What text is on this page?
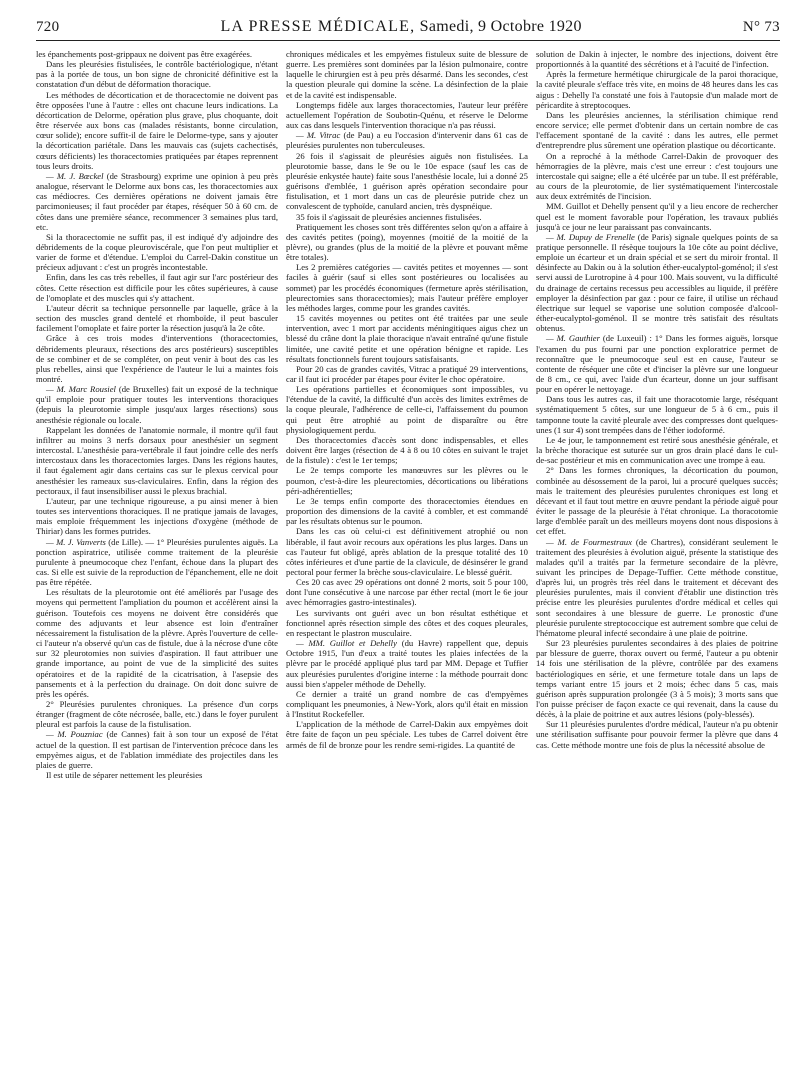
720	LA PRESSE MÉDICALE, Samedi, 9 Octobre 1920	N° 73

les épanchements post-grippaux ne doivent pas être exagérées.

Dans les pleurésies fistulisées, le contrôle bactériologique, n'étant pas à la portée de tous, un bon signe de chronicité définitive est la constatation d'un début de déformation thoracique.

Les méthodes de décortication et de thoracectomie ne doivent pas être opposées l'une à l'autre : elles ont chacune leurs indications. La décortication de Delorme, opération plus grave, plus choquante, doit être réservée aux bons cas (malades résistants, bonne circulation, cœur solide); encore suffit-il de faire le Delorme-type, sans y ajouter la décortication pariétale. Dans les mauvais cas (sujets cachectisés, cœurs déficients) les thoracectomies pratiquées par étapes reprennent tous leurs droits.

— M. J. Bœckel (de Strasbourg) exprime une opinion à peu près analogue, réservant le Delorme aux bons cas, les thoracectomies aux cas médiocres. Ces dernières opérations ne doivent jamais être parcimonieuses; il faut procéder par étapes, réséquer 50 à 60 cm. de côtes dans une première séance, recommencer 3 semaines plus tard, etc.

Si la thoracectomie ne suffit pas, il est indiqué d'y adjoindre des débridements de la coque pleuroviscérale, que l'on peut multiplier et varier de forme et d'étendue. L'emploi du Carrel-Dakin constitue un précieux adjuvant : c'est un progrès incontestable.

Enfin, dans les cas très rebelles, il faut agir sur l'arc postérieur des côtes. Cette résection est difficile pour les côtes supérieures, à cause de l'omoplate et des muscles qui s'y attachent.

L'auteur décrit sa technique personnelle par laquelle, grâce à la section des muscles grand dentelé et rhomboïde, il peut basculer facilement l'omoplate et faire porter la résection jusqu'à la 2e côte.

Grâce à ces trois modes d'interventions (thoracectomies, débridements pleuraux, résections des arcs postérieurs) susceptibles de se combiner et de se compléter, on peut venir à bout des cas les plus rebelles, ainsi que l'expérience de l'auteur le lui a maintes fois montré.

— M. Marc Rousiel (de Bruxelles) fait un exposé de la technique qu'il emploie pour pratiquer toutes les interventions thoraciques (depuis la pleurotomie simple jusqu'aux larges résections) sous anesthésie régionale ou locale.

Rappelant les données de l'anatomie normale, il montre qu'il faut infiltrer au moins 3 nerfs dorsaux pour anesthésier un segment intercostal. L'anesthésie para-vertébrale il faut joindre celle des nerfs intercostaux dans les thoracectomies larges. Dans les régions hautes, il faut également agir dans certains cas sur le plexus cervical pour anesthésier les rameaux sus-claviculaires. Enfin, dans la région des pectoraux, il faut insensibiliser aussi le plexus brachial.

L'auteur, par une technique rigoureuse, a pu ainsi mener à bien toutes ses interventions thoraciques. Il ne pratique jamais de lavages, mais emploie fréquemment les injections d'oxygène (méthode de Thiriar) dans les formes putrides.

— M. J. Vanverts (de Lille). — 1° Pleurésies purulentes aiguës. La ponction aspiratrice, utilisée comme traitement de la pleurésie purulente à pneumocoque chez l'enfant, échoue dans la plupart des cas. Si elle est suivie de la reproduction de l'épanchement, elle ne doit pas être répétée.

Les résultats de la pleurotomie ont été améliorés par l'usage des moyens qui permettent l'ampliation du poumon et accélèrent ainsi la guérison. Toutefois ces moyens ne doivent être considérés que comme des adjuvants et leur absence est loin d'entraîner nécessairement la fistulisation de la plèvre. Après l'ouverture de celle-ci l'auteur n'a observé qu'un cas de fistule, due à la nécrose d'une côte sur 32 pleurotomies non suivies d'aspiration. Il faut attribuer une grande importance, au point de vue de la simplicité des suites opératoires et de la rapidité de la cicatrisation, à l'asepsie des pansements et à la perfection du drainage. On doit donc suivre de près les opérés.

2° Pleurésies purulentes chroniques. La présence d'un corps étranger (fragment de côte nécrosée, balle, etc.) dans le foyer purulent pleural est parfois la cause de la fistulisation.

— M. Pouzniac (de Cannes) fait à son tour un exposé de l'état actuel de la question. Il est partisan de l'intervention précoce dans les empyèmes aigus, et de l'ablation immédiate des projectiles dans les plaies de guerre.

Il est utile de séparer nettement les pleurésies

chroniques médicales et les empyèmes fistuleux suite de blessure de guerre. Les premières sont dominées par la lésion pulmonaire, contre laquelle le chirurgien est à peu près désarmé. Dans les secondes, c'est la question pleurale qui domine la scène. La désinfection de la plaie et de la cavité est indispensable.

Longtemps fidèle aux larges thoracectomies, l'auteur leur préfère actuellement l'opération de Soubotin-Quénu, et réserve le Delorme aux cas dans lesquels l'intervention thoracique n'a pas réussi.

— M. Vitrac (de Pau) a eu l'occasion d'intervenir dans 61 cas de pleurésies purulentes non tuberculeuses.

26 fois il s'agissait de pleurésies aiguës non fistulisées. La pleurotomie basse, dans le 9e ou le 10e espace (sauf les cas de pleurésie enkystée haute) faite sous l'anesthésie locale, lui a donné 25 guérisons d'emblée, 1 guérison après opération secondaire pour fistulisation, et 1 mort dans un cas de pleurésie putride chez un convalescent de typhoïde, canulard ancien, très dyspnéique.

35 fois il s'agissait de pleurésies anciennes fistulisées.

Pratiquement les choses sont très différentes selon qu'on a affaire à des cavités petites (poing), moyennes (moitié de la moitié de la plèvre), ou grandes (plus de la moitié de la plèvre et pouvant même être totales).

Les 2 premières catégories — cavités petites et moyennes — sont faciles à guérir (sauf si elles sont postérieures ou localisées au sommet) par les procédés économiques (fermeture après stérilisation, pleurectomies sans thoracectomies); mais l'auteur préfère employer les méthodes larges, comme pour les grandes cavités.

15 cavités moyennes ou petites ont été traitées par une seule intervention, avec 1 mort par accidents méningitiques aigus chez un blessé du crâne dont la plaie thoracique n'avait entraîné qu'une fistule limitée, une cavité petite et une opération bénigne et rapide. Les résultats fonctionnels furent toujours satisfaisants.

Pour 20 cas de grandes cavités, Vitrac a pratiqué 29 interventions, car il faut ici procéder par étapes pour éviter le choc opératoire.

Les opérations partielles et économiques sont impossibles, vu l'étendue de la cavité, la difficulté d'un accès des limites extrêmes de la coque pleurale, l'adhérence de celle-ci, l'affaissement du poumon qui peut être atrophié au point de disparaître ou être physiologiquement perdu.

Des thoracectomies d'accès sont donc indispensables, et elles doivent être larges (résection de 4 à 8 ou 10 côtes en suivant le trajet de la fistule) : c'est le 1er temps;

Le 2e temps comporte les manœuvres sur les plèvres ou le poumon, c'est-à-dire les pleurectomies, décortications ou libérations péri-adhérentielles;

Le 3e temps enfin comporte des thoracectomies étendues en proportion des dimensions de la cavité à combler, et est commandé par les résultats obtenus sur le poumon.

Dans les cas où celui-ci est définitivement atrophié ou non libérable, il faut avoir recours aux opérations les plus larges. Dans un cas l'auteur fut obligé, après ablation de la presque totalité des 10 côtes inférieures et d'une partie de la clavicule, de désinsérer le grand pectoral pour fermer la brèche sous-claviculaire. Le blessé guérit.

Ces 20 cas avec 29 opérations ont donné 2 morts, soit 5 pour 100, dont l'une consécutive à une narcose par éther rectal (mort le 6e jour avec hémorragies gastro-intestinales).

Les survivants ont guéri avec un bon résultat esthétique et fonctionnel après résection simple des côtes et des coques pleurales, en respectant le plastron musculaire.

— MM. Guillot et Dehelly (du Havre) rappellent que, depuis Octobre 1915, l'un d'eux a traité toutes les plaies infectées de la plèvre par le procédé appliqué plus tard par MM. Depage et Tuffier aux pleurésies purulentes d'origine interne : la méthode pourrait donc aussi bien s'appeler méthode de Dehelly.

Ce dernier a traité un grand nombre de cas d'empyèmes compliquant les pneumonies, à New-York, alors qu'il était en mission à l'Institut Rockefeller.

L'application de la méthode de Carrel-Dakin aux empyèmes doit être faite de façon un peu spéciale. Les tubes de Carrel doivent être armés de fil de bronze pour les rendre semi-rigides. La quantité de

solution de Dakin à injecter, le nombre des injections, doivent être proportionnés à la quantité des sécrétions et à l'acuité de l'infection.

Après la fermeture hermétique chirurgicale de la paroi thoracique, la cavité pleurale s'efface très vite, en moins de 48 heures dans les cas aigus : Dehelly l'a constaté une fois à l'autopsie d'un malade mort de péricardite à streptocoques.

Dans les pleurésies anciennes, la stérilisation chimique rend encore service; elle permet d'obtenir dans un certain nombre de cas l'effacement spontané de la cavité : dans les autres, elle permet d'entreprendre plus sûrement une opération plastique ou décorticante.

On a reproché à la méthode Carrel-Dakin de provoquer des hémorragies de la plèvre, mais c'est une erreur : c'est toujours une intercostale qui saigne; elle a été ulcérée par un tube. Il est préférable, au cours de la pleurotomie, de lier systématiquement l'intercostale aux deux extrémités de l'incision.

MM. Guillot et Dehelly pensent qu'il y a lieu encore de rechercher quel est le moment favorable pour l'opération, les travaux publiés jusqu'à ce jour ne leur paraissant pas convaincants.

— M. Dupuy de Frenelle (de Paris) signale quelques points de sa pratique personnelle. Il résèque toujours la 10e côte au point déclive, emploie un écarteur et un drain spécial et se sert du miroir frontal. Il désinfecte au Dakin ou à la solution éther-eucalyptol-goménol; il s'est servi aussi de Lurotropine à 4 pour 100. Mais souvent, vu la difficulté du drainage de certains recessus peu accessibles au liquide, il préfère employer la désinfection par gaz : pour ce faire, il utilise un réchaud électrique sur lequel se vaporise une solution composée d'alcool-éther-eucalyptol-goménol. Il se montre très satisfait des résultats obtenus.

— M. Gauthier (de Luxeuil) : 1° Dans les formes aiguës, lorsque l'examen du pus fourni par une ponction exploratrice permet de reconnaître que le pneumocoque seul est en cause, l'auteur se contente de réséquer une côte et d'inciser la plèvre sur une longueur de 8 cm., ce qui, avec l'aide d'un écarteur, donne un jour suffisant pour en opérer le nettoyage.

Dans tous les autres cas, il fait une thoracotomie large, réséquant systématiquement 5 côtes, sur une longueur de 5 à 6 cm., puis il tamponne toute la cavité pleurale avec des compresses dont quelques-unes (1 sur 4) sont trempées dans de l'éther iodoformé.

Le 4e jour, le tamponnement est retiré sous anesthésie générale, et la brèche thoracique est suturée sur un gros drain placé dans le cul-de-sac postérieur et mis en communication avec une trompe à eau.

2° Dans les formes chroniques, la décortication du poumon, combinée au désossement de la paroi, lui a procuré quelques succès; mais le traitement des pleurésies purulentes chroniques est long et décevant et il faut tout mettre en œuvre pendant la période aiguë pour éviter le passage de la pleurésie à l'état chronique. La thoracotomie large d'emblée paraît un des meilleurs moyens dont nous disposions à cet effet.

— M. de Fourmestraux (de Chartres), considérant seulement le traitement des pleurésies à évolution aiguë, présente la statistique des malades qu'il a traités par la fermeture secondaire de la plèvre, suivant les principes de Depage-Tuffier. Cette méthode constitue, d'après lui, un progrès très réel dans le traitement et décevant des pleurésies purulentes, mais il convient d'établir une distinction très précise entre les pleurésies purulentes d'ordre médical et celles qui sont secondaires à une blessure de guerre. Le pronostic d'une pleurésie purulente streptococcique est autrement sombre que celui de l'hématome pleural infecté secondaire à une plaie de poitrine.

Sur 23 pleurésies purulentes secondaires à des plaies de poitrine par blessure de guerre, thorax ouvert ou fermé, l'auteur a pu obtenir 14 fois une stérilisation de la plèvre, contrôlée par des examens bactériologiques en série, et une fermeture totale dans un laps de temps variant entre 15 jours et 2 mois; échec dans 5 cas, mais guérison après suppuration prolongée (3 à 5 mois); 3 morts sans que l'on puisse préciser de façon exacte ce qui revenait, dans la cause du décès, à la plaie de poitrine et aux autres lésions (poly-blessés).

Sur 11 pleurésies purulentes d'ordre médical, l'auteur n'a pu obtenir une stérilisation suffisante pour pouvoir fermer la plèvre que dans 4 cas. Cette méthode montre une fois de plus la nécessité absolue de
